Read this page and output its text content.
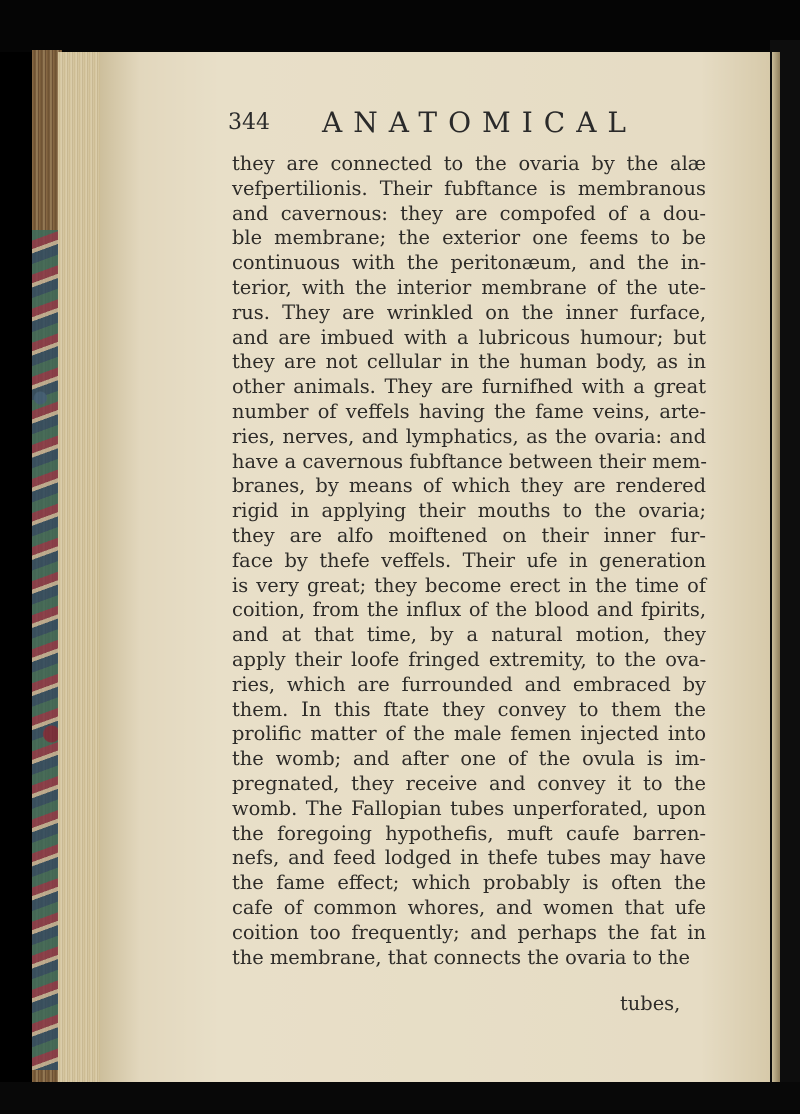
344 ANATOMICAL
they are connected to the ovaria by the alæ
vefpertilionis. Their fubftance is membranous
and cavernous: they are compofed of a dou-
ble membrane; the exterior one feems to be
continuous with the peritonæum, and the in-
terior, with the interior membrane of the ute-
rus. They are wrinkled on the inner furface,
and are imbued with a lubricous humour; but
they are not cellular in the human body, as in
other animals. They are furnifhed with a great
number of veffels having the fame veins, arte-
ries, nerves, and lymphatics, as the ovaria: and
have a cavernous fubftance between their mem-
branes, by means of which they are rendered
rigid in applying their mouths to the ovaria;
they are alfo moiftened on their inner fur-
face by thefe veffels. Their ufe in generation
is very great; they become erect in the time of
coition, from the influx of the blood and fpirits,
and at that time, by a natural motion, they
apply their loofe fringed extremity, to the ova-
ries, which are furrounded and embraced by
them. In this ftate they convey to them the
prolific matter of the male femen injected into
the womb; and after one of the ovula is im-
pregnated, they receive and convey it to the
womb. The Fallopian tubes unperforated, upon
the foregoing hypothefis, muft caufe barren-
nefs, and feed lodged in thefe tubes may have
the fame effect; which probably is often the
cafe of common whores, and women that ufe
coition too frequently; and perhaps the fat in
the membrane, that connects the ovaria to the
tubes,
